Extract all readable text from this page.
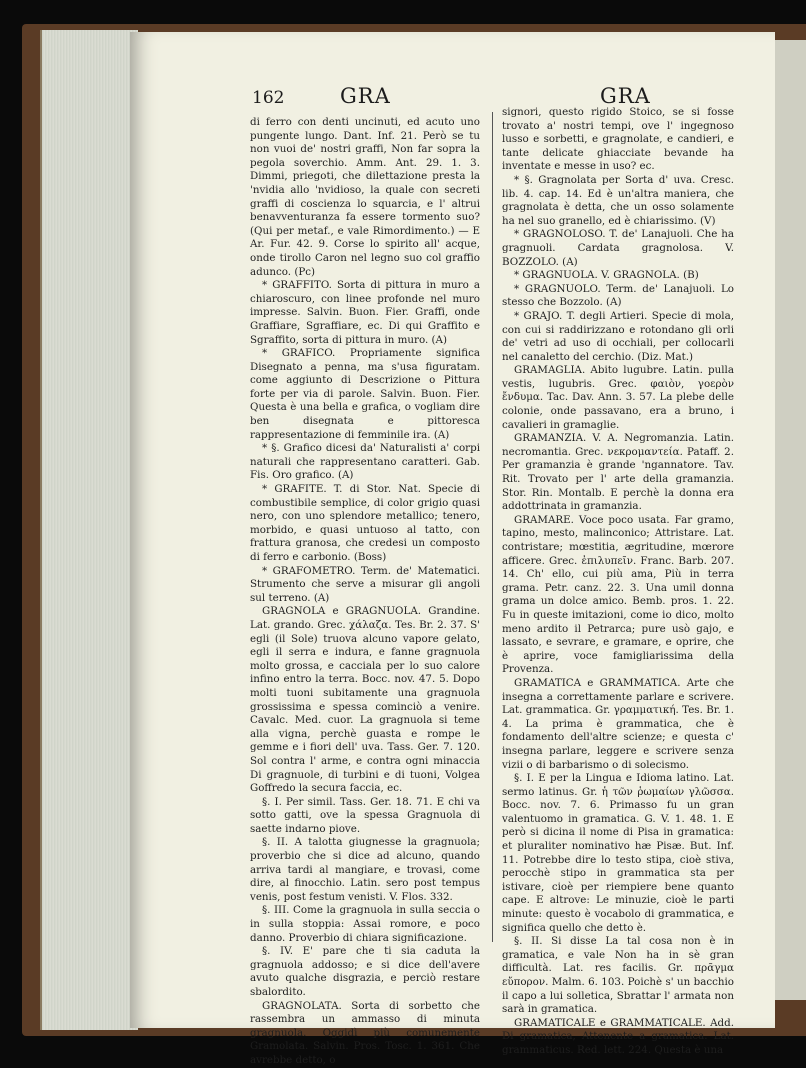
162	GRA	GRA

di ferro con denti uncinuti, ed acuto uno pungente lungo. Dant. Inf. 21. Però se tu non vuoi de' nostri graffi, Non far sopra la pegola soverchio. Amm. Ant. 29. 1. 3. Dimmi, priegoti, che dilettazione presta la 'nvidia allo 'nvidioso, la quale con secreti graffi di coscienza lo squarcia, e l' altrui benavventuranza fa essere tormento suo? (Qui per metaf., e vale Rimordimento.) — E Ar. Fur. 42. 9. Corse lo spirito all' acque, onde tirollo Caron nel legno suo col graffio adunco. (Pc)

* GRAFFITO. Sorta di pittura in muro a chiaroscuro, con linee profonde nel muro impresse. Salvin. Buon. Fier. Graffi, onde Graffiare, Sgraffiare, ec. Di qui Graffito e Sgraffito, sorta di pittura in muro. (A)

* GRAFICO. Propriamente significa Disegnato a penna, ma s'usa figuratam. come aggiunto di Descrizione o Pittura forte per via di parole. Salvin. Buon. Fier. Questa è una bella e grafica, o vogliam dire ben disegnata e pittoresca rappresentazione di femminile ira. (A)

* §. Grafico dicesi da' Naturalisti a' corpi naturali che rappresentano caratteri. Gab. Fis. Oro grafico. (A)

* GRAFITE. T. di Stor. Nat. Specie di combustibile semplice, di color grigio quasi nero, con uno splendore metallico; tenero, morbido, e quasi untuoso al tatto, con frattura granosa, che credesi un composto di ferro e carbonio. (Boss)

* GRAFOMETRO. Term. de' Matematici. Strumento che serve a misurar gli angoli sul terreno. (A)

GRAGNOLA e GRAGNUOLA. Grandine. Lat. grando. Grec. χάλαζα. Tes. Br. 2. 37. S' egli (il Sole) truova alcuno vapore gelato, egli il serra e indura, e fanne gragnuola molto grossa, e cacciala per lo suo calore infino entro la terra. Bocc. nov. 47. 5. Dopo molti tuoni subitamente una gragnuola grossissima e spessa cominciò a venire. Cavalc. Med. cuor. La gragnuola si teme alla vigna, perchè guasta e rompe le gemme e i fiori dell' uva. Tass. Ger. 7. 120. Sol contra l' arme, e contra ogni minaccia Di gragnuole, di turbini e di tuoni, Volgea Goffredo la secura faccia, ec.

§. I. Per simil. Tass. Ger. 18. 71. E chi va sotto gatti, ove la spessa Gragnuola di saette indarno piove.

§. II. A talotta giugnesse la gragnuola; proverbio che si dice ad alcuno, quando arriva tardi al mangiare, e trovasi, come dire, al finocchio. Latin. sero post tempus venis, post festum venisti. V. Flos. 332.

§. III. Come la gragnuola in sulla seccia o in sulla stoppia: Assai romore, e poco danno. Proverbio di chiara significazione.

§. IV. E' pare che ti sia caduta la gragnuola addosso; e si dice dell'avere avuto qualche disgrazia, e perciò restare sbalordito.

GRAGNOLATA. Sorta di sorbetto che rassembra un ammasso di minuta gragnuola. Oggidì più comunemente Gramolata. Salvin. Pros. Tosc. 1. 361. Che avrebbe detto, o

signori, questo rigido Stoico, se si fosse trovato a' nostri tempi, ove l' ingegnoso lusso e sorbetti, e gragnolate, e candieri, e tante delicate ghiacciate bevande ha inventate e messe in uso? ec.

* §. Gragnolata per Sorta d' uva. Cresc. lib. 4. cap. 14. Ed è un'altra maniera, che gragnolata è detta, che un osso solamente ha nel suo granello, ed è chiarissimo. (V)

* GRAGNOLOSO. T. de' Lanajuoli. Che ha gragnuoli. Cardata gragnolosa. V. BOZZOLO. (A)

* GRAGNUOLA. V. GRAGNOLA. (B)

* GRAGNUOLO. Term. de' Lanajuoli. Lo stesso che Bozzolo. (A)

* GRAJO. T. degli Artieri. Specie di mola, con cui si raddirizzano e rotondano gli orli de' vetri ad uso di occhiali, per collocarli nel canaletto del cerchio. (Diz. Mat.)

GRAMAGLIA. Abito lugubre. Latin. pulla vestis, lugubris. Grec. φαιὸν, γοερὸν ἔνδυμα. Tac. Dav. Ann. 3. 57. La plebe delle colonie, onde passavano, era a bruno, i cavalieri in gramaglie.

GRAMANZIA. V. A. Negromanzia. Latin. necromantia. Grec. νεκρομαντεία. Pataff. 2. Per gramanzia è grande 'ngannatore. Tav. Rit. Trovato per l' arte della gramanzia. Stor. Rin. Montalb. E perchè la donna era addottrinata in gramanzia.

GRAMARE. Voce poco usata. Far gramo, tapino, mesto, malinconico; Attristare. Lat. contristare; mœstitia, ægritudine, mœrore afficere. Grec. ἐπιλυπεῖν. Franc. Barb. 207. 14. Ch' ello, cui più ama, Più in terra grama. Petr. canz. 22. 3. Una umil donna grama un dolce amico. Bemb. pros. 1. 22. Fu in queste imitazioni, come io dico, molto meno ardito il Petrarca; pure usò gajo, e lassato, e sevrare, e gramare, e oprire, che è aprire, voce famigliarissima della Provenza.

GRAMATICA e GRAMMATICA. Arte che insegna a correttamente parlare e scrivere. Lat. grammatica. Gr. γραμματική. Tes. Br. 1. 4. La prima è grammatica, che è fondamento dell'altre scienze; e questa c' insegna parlare, leggere e scrivere senza vizii o di barbarismo o di solecismo.

§. I. E per la Lingua e Idioma latino. Lat. sermo latinus. Gr. ἡ τῶν ῥωμαίων γλῶσσα. Bocc. nov. 7. 6. Primasso fu un gran valentuomo in gramatica. G. V. 1. 48. 1. E però si dicina il nome di Pisa in gramatica: et pluraliter nominativo hæ Pisæ. But. Inf. 11. Potrebbe dire lo testo stipa, cioè stiva, perocchè stipo in grammatica sta per istivare, cioè per riempiere bene quanto cape. E altrove: Le minuzie, cioè le parti minute: questo è vocabolo di grammatica, e significa quello che detto è.

§. II. Si disse La tal cosa non è in gramatica, e vale Non ha in sè gran difficultà. Lat. res facilis. Gr. πρᾶγμα εὔπορον. Malm. 6. 103. Poichè s' un bacchio il capo a lui solletica, Sbrattar l' armata non sarà in gramatica.

GRAMATICALE e GRAMMATICALE. Add. Di gramatica, Attenente a gramatica. Lat. grammaticus. Red. lett. 224. Questa è una
